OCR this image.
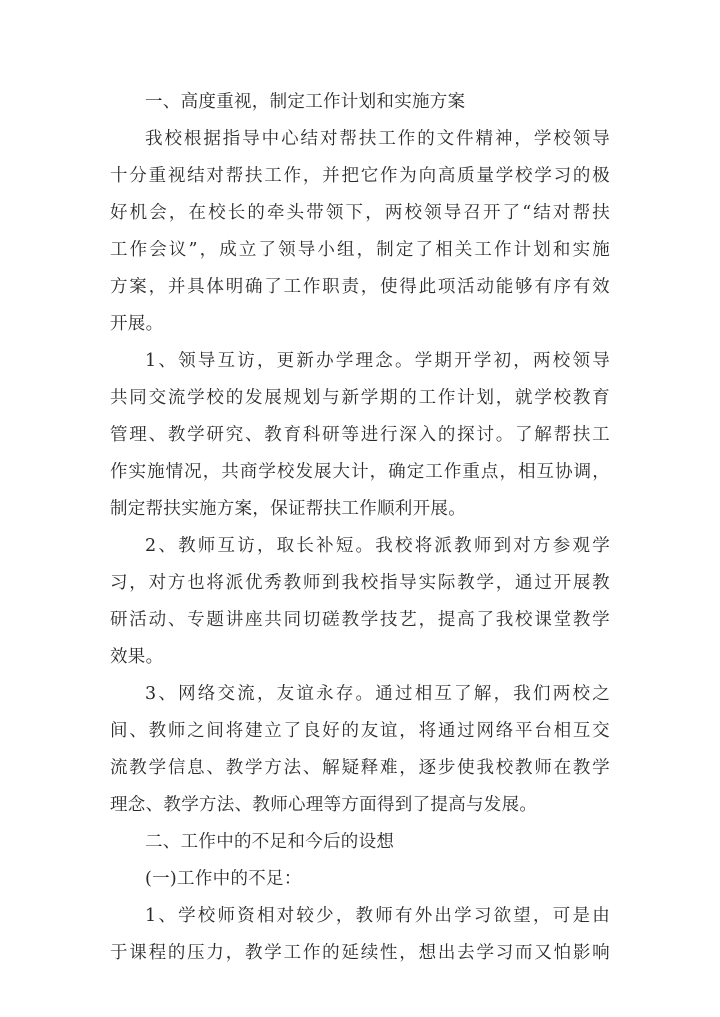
一、高度重视，制定工作计划和实施方案
我校根据指导中心结对帮扶工作的文件精神，学校领导
十分重视结对帮扶工作，并把它作为向高质量学校学习的极
好机会，在校长的牵头带领下，两校领导召开了“结对帮扶
工作会议”，成立了领导小组，制定了相关工作计划和实施
方案，并具体明确了工作职责，使得此项活动能够有序有效
开展。
1、领导互访，更新办学理念。学期开学初，两校领导
共同交流学校的发展规划与新学期的工作计划，就学校教育
管理、教学研究、教育科研等进行深入的探讨。了解帮扶工
作实施情况，共商学校发展大计，确定工作重点，相互协调，
制定帮扶实施方案，保证帮扶工作顺利开展。
2、教师互访，取长补短。我校将派教师到对方参观学
习，对方也将派优秀教师到我校指导实际教学，通过开展教
研活动、专题讲座共同切磋教学技艺，提高了我校课堂教学
效果。
3、网络交流，友谊永存。通过相互了解，我们两校之
间、教师之间将建立了良好的友谊，将通过网络平台相互交
流教学信息、教学方法、解疑释难，逐步使我校教师在教学
理念、教学方法、教师心理等方面得到了提高与发展。
二、工作中的不足和今后的设想
(一)工作中的不足：
1、学校师资相对较少，教师有外出学习欲望，可是由
于课程的压力，教学工作的延续性，想出去学习而又怕影响
